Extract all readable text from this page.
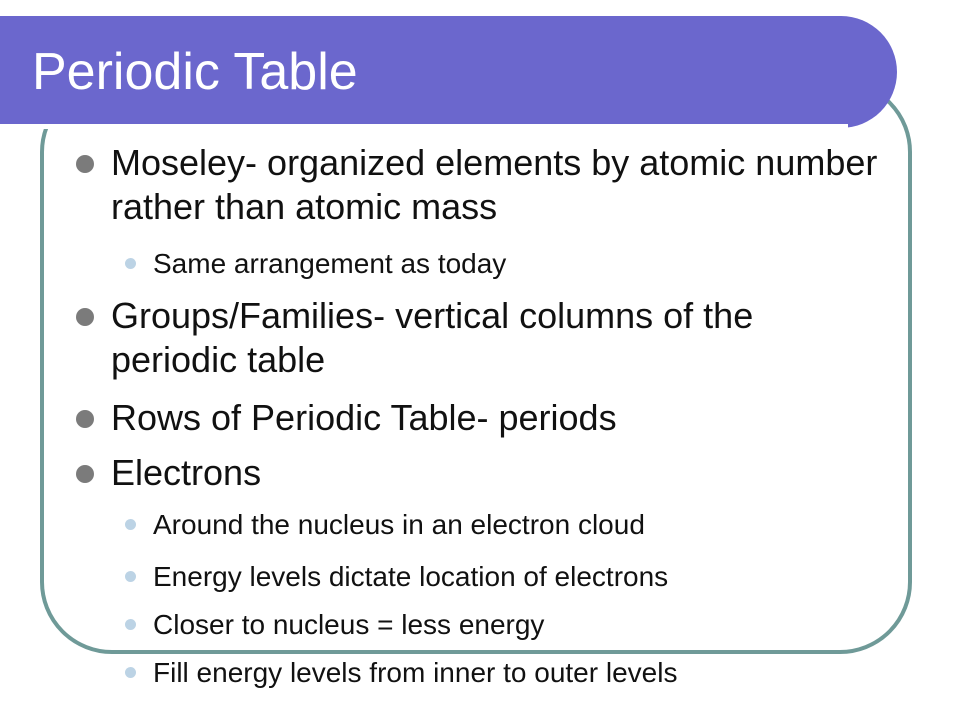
Periodic Table
Moseley- organized elements by atomic number rather than atomic mass
Same arrangement as today
Groups/Families- vertical columns of the periodic table
Rows of Periodic Table- periods
Electrons
Around the nucleus in an electron cloud
Energy levels dictate location of electrons
Closer to nucleus = less energy
Fill energy levels from inner to outer levels
